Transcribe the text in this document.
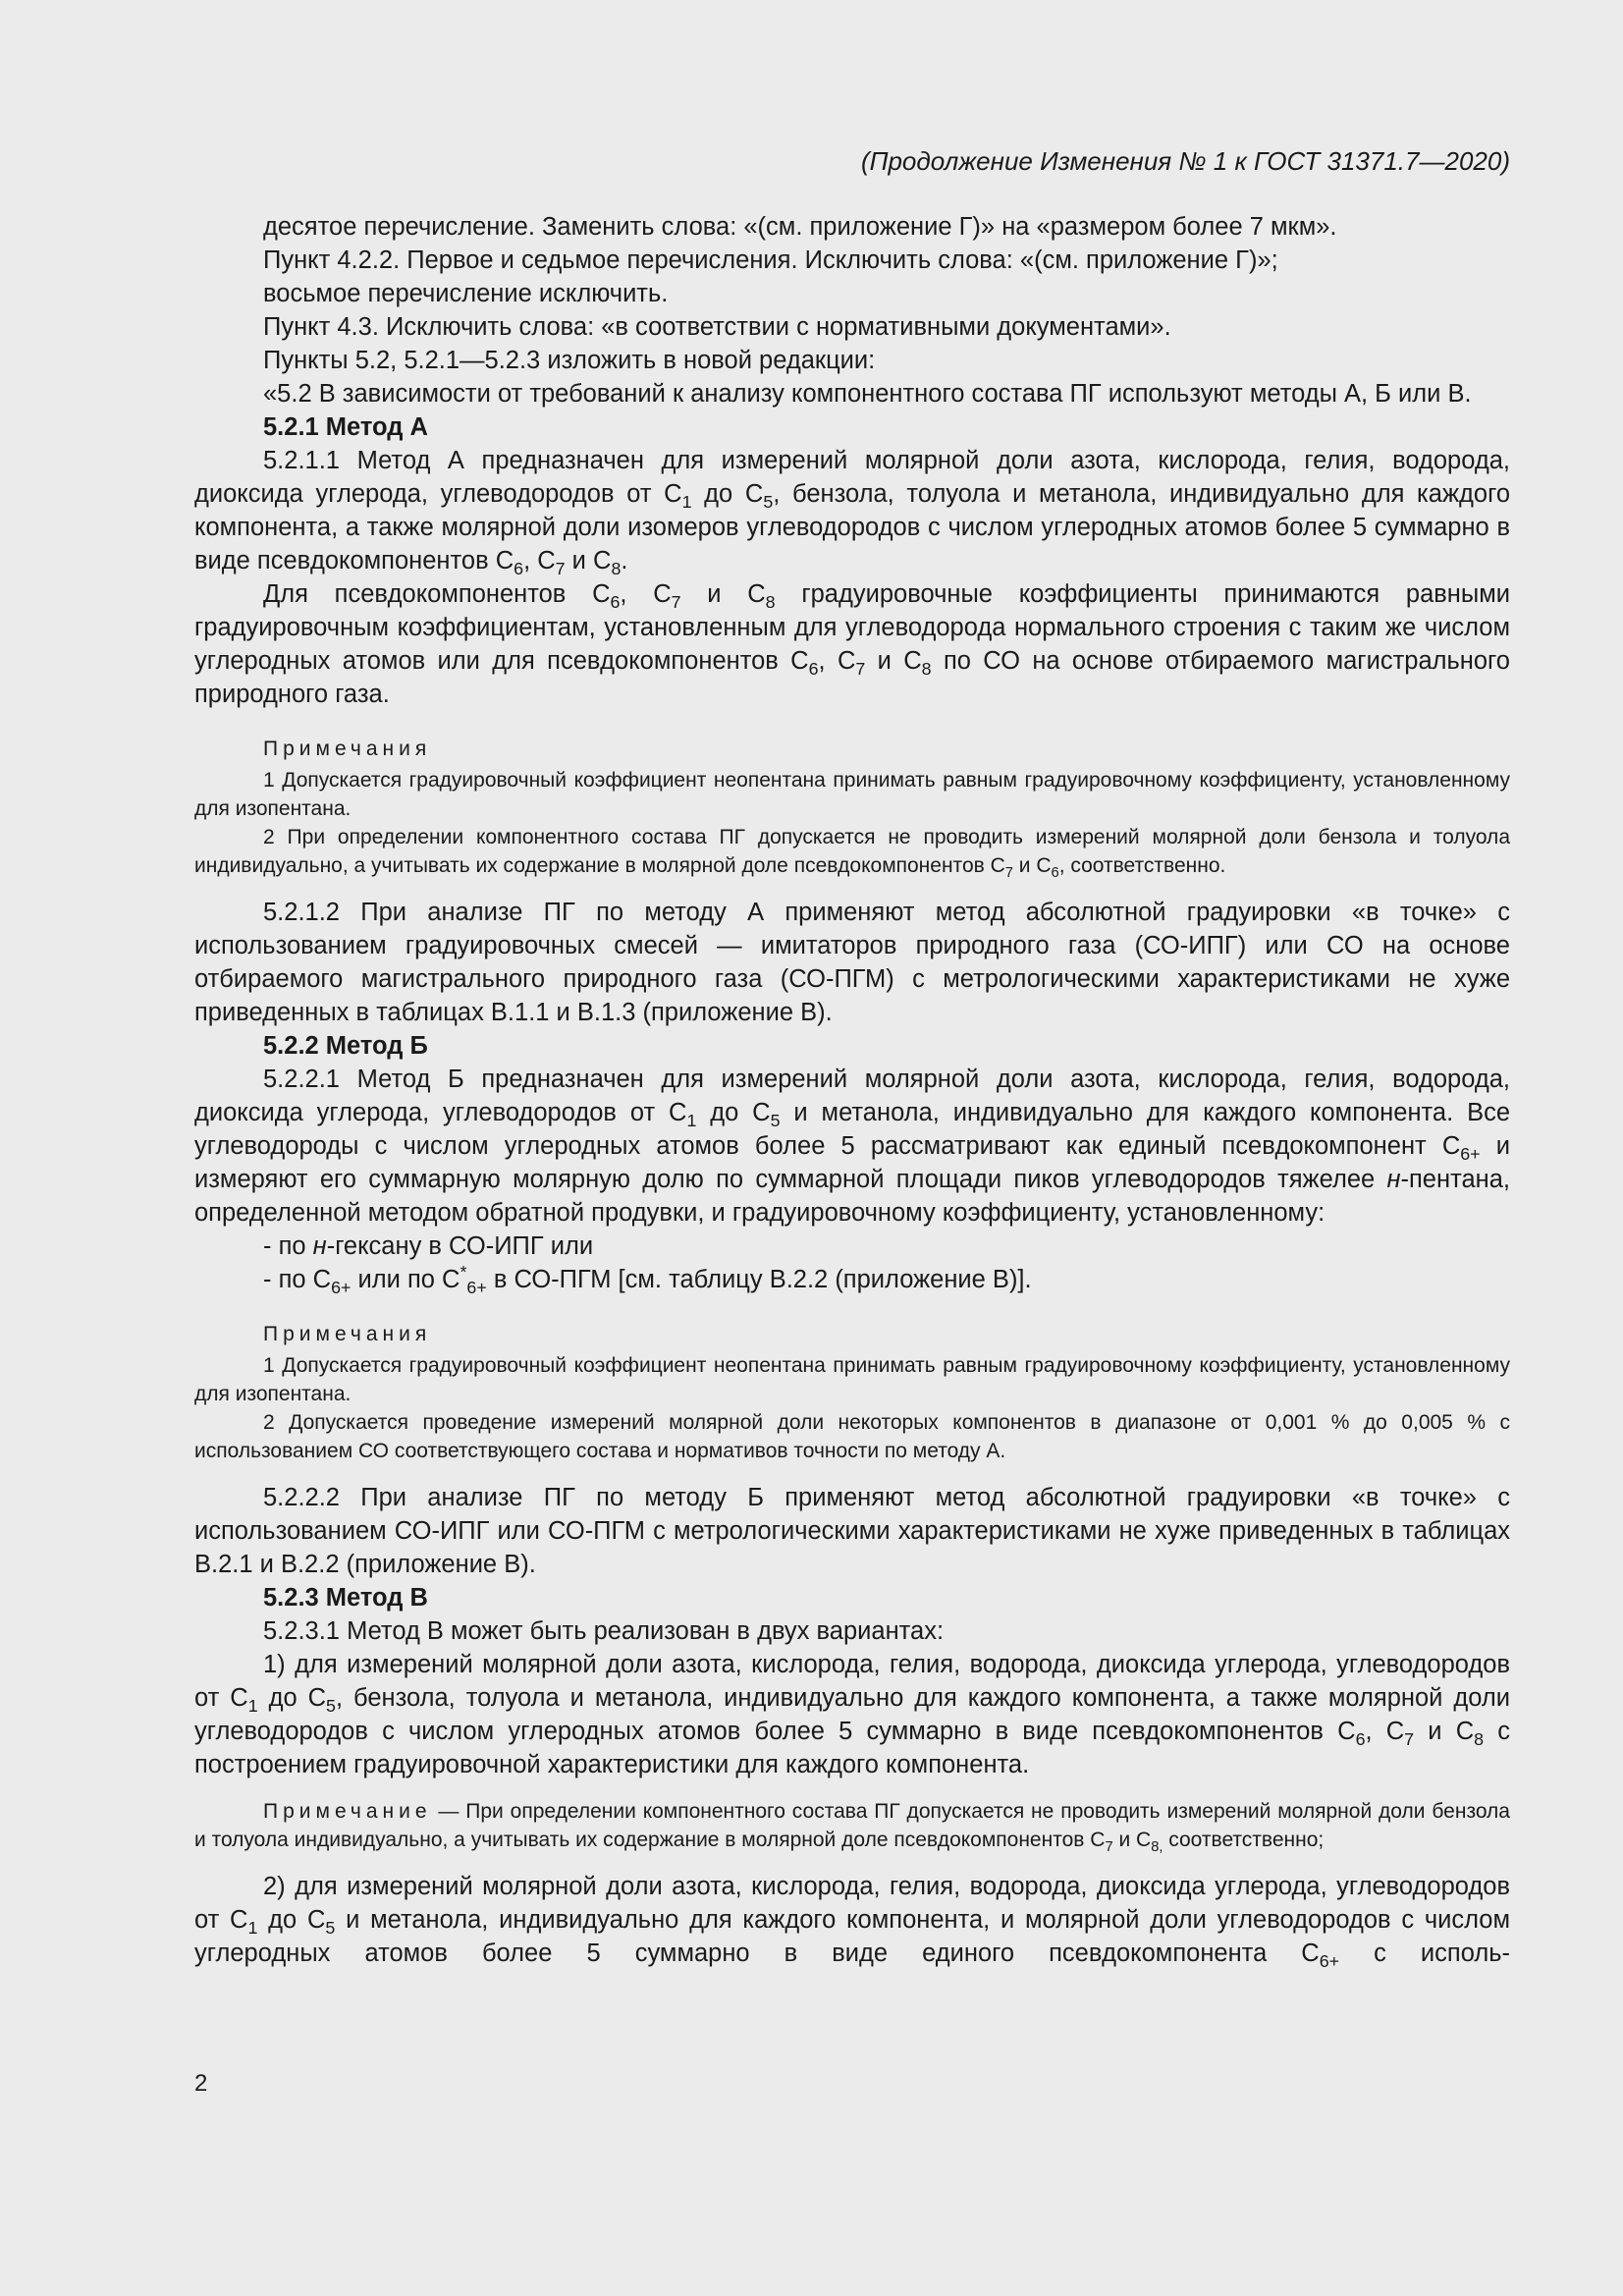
(Продолжение Изменения № 1 к ГОСТ 31371.7—2020)

десятое перечисление. Заменить слова: «(см. приложение Г)» на «размером более 7 мкм».

Пункт 4.2.2. Первое и седьмое перечисления. Исключить слова: «(см. приложение Г)»;

восьмое перечисление исключить.

Пункт 4.3. Исключить слова: «в соответствии с нормативными документами».

Пункты 5.2, 5.2.1—5.2.3 изложить в новой редакции:

«5.2 В зависимости от требований к анализу компонентного состава ПГ используют методы А, Б или В.

5.2.1 Метод А

5.2.1.1 Метод А предназначен для измерений молярной доли азота, кислорода, гелия, водорода, диоксида углерода, углеводородов от $С_1$ до $С_5$, бензола, толуола и метанола, индивидуально для каждого компонента, а также молярной доли изомеров углеводородов с числом углеродных атомов более 5 суммарно в виде псевдокомпонентов $С_6$, $С_7$ и $С_8$.

Для псевдокомпонентов $С_6$, $С_7$ и $С_8$ градуировочные коэффициенты принимаются равными градуировочным коэффициентам, установленным для углеводорода нормального строения с таким же числом углеродных атомов или для псевдокомпонентов $С_6$, $С_7$ и $С_8$ по СО на основе отбираемого магистрального природного газа.

Примечания

1 Допускается градуировочный коэффициент неопентана принимать равным градуировочному коэффициенту, установленному для изопентана.

2 При определении компонентного состава ПГ допускается не проводить измерений молярной доли бензола и толуола индивидуально, а учитывать их содержание в молярной доле псевдокомпонентов $С_7$ и $С_6$, соответственно.

5.2.1.2 При анализе ПГ по методу А применяют метод абсолютной градуировки «в точке» с использованием градуировочных смесей — имитаторов природного газа (СО-ИПГ) или СО на основе отбираемого магистрального природного газа (СО-ПГМ) с метрологическими характеристиками не хуже приведенных в таблицах В.1.1 и В.1.3 (приложение В).

5.2.2 Метод Б

5.2.2.1 Метод Б предназначен для измерений молярной доли азота, кислорода, гелия, водорода, диоксида углерода, углеводородов от $С_1$ до $С_5$ и метанола, индивидуально для каждого компонента. Все углеводороды с числом углеродных атомов более 5 рассматривают как единый псевдокомпонент $С_{6+}$ и измеряют его суммарную молярную долю по суммарной площади пиков углеводородов тяжелее н-пентана, определенной методом обратной продувки, и градуировочному коэффициенту, установленному:

- по н-гексану в СО-ИПГ или

- по $С_{6+}$ или по $С^*_{6+}$ в СО-ПГМ [см. таблицу В.2.2 (приложение В)].

Примечания

1 Допускается градуировочный коэффициент неопентана принимать равным градуировочному коэффициенту, установленному для изопентана.

2 Допускается проведение измерений молярной доли некоторых компонентов в диапазоне от 0,001 % до 0,005 % с использованием СО соответствующего состава и нормативов точности по методу А.

5.2.2.2 При анализе ПГ по методу Б применяют метод абсолютной градуировки «в точке» с использованием СО-ИПГ или СО-ПГМ с метрологическими характеристиками не хуже приведенных в таблицах В.2.1 и В.2.2 (приложение В).

5.2.3 Метод В

5.2.3.1 Метод В может быть реализован в двух вариантах:

1) для измерений молярной доли азота, кислорода, гелия, водорода, диоксида углерода, углеводородов от $С_1$ до $С_5$, бензола, толуола и метанола, индивидуально для каждого компонента, а также молярной доли углеводородов с числом углеродных атомов более 5 суммарно в виде псевдокомпонентов $С_6$, $С_7$ и $С_8$ с построением градуировочной характеристики для каждого компонента.

Примечание — При определении компонентного состава ПГ допускается не проводить измерений молярной доли бензола и толуола индивидуально, а учитывать их содержание в молярной доле псевдокомпонентов $С_7$ и $С_{8,}$ соответственно;

2) для измерений молярной доли азота, кислорода, гелия, водорода, диоксида углерода, углеводородов от $С_1$ до $С_5$ и метанола, индивидуально для каждого компонента, и молярной доли углеводородов с числом углеродных атомов более 5 суммарно в виде единого псевдокомпонента $С_{6+}$ с исполь-

2
